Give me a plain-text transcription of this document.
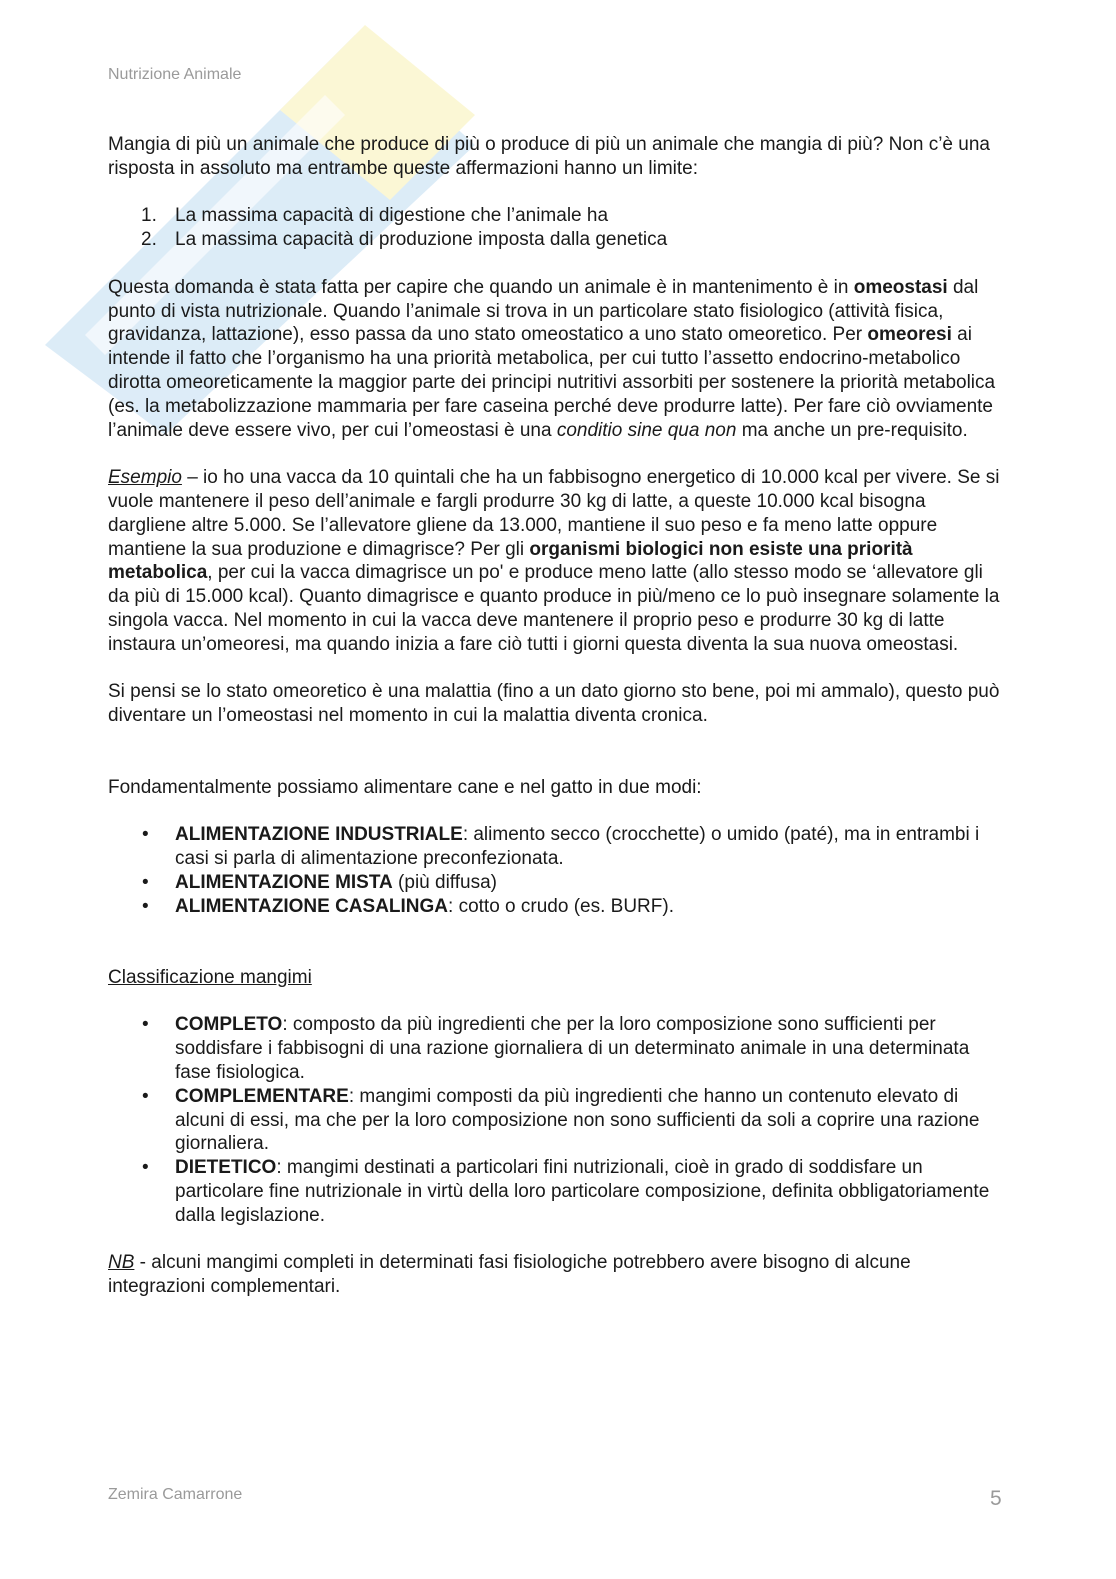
Nutrizione Animale

Mangia di più un animale che produce di più o produce di più un animale che mangia di più? Non c’è una risposta in assoluto ma entrambe queste affermazioni hanno un limite:

1. La massima capacità di digestione che l’animale ha
2. La massima capacità di produzione imposta dalla genetica

Questa domanda è stata fatta per capire che quando un animale è in mantenimento è in omeostasi dal punto di vista nutrizionale. Quando l’animale si trova in un particolare stato fisiologico (attività fisica, gravidanza, lattazione), esso passa da uno stato omeostatico a uno stato omeoretico. Per omeoresi ai intende il fatto che l’organismo ha una priorità metabolica, per cui tutto l’assetto endocrino-metabolico dirotta omeoreticamente la maggior parte dei principi nutritivi assorbiti per sostenere la priorità metabolica (es. la metabolizzazione mammaria per fare caseina perché deve produrre latte). Per fare ciò ovviamente l’animale deve essere vivo, per cui l’omeostasi è una conditio sine qua non ma anche un pre-requisito.

Esempio – io ho una vacca da 10 quintali che ha un fabbisogno energetico di 10.000 kcal per vivere. Se si vuole mantenere il peso dell’animale e fargli produrre 30 kg di latte, a queste 10.000 kcal bisogna dargliene altre 5.000. Se l’allevatore gliene da 13.000, mantiene il suo peso e fa meno latte oppure mantiene la sua produzione e dimagrisce? Per gli organismi biologici non esiste una priorità metabolica, per cui la vacca dimagrisce un po' e produce meno latte (allo stesso modo se ‘allevatore gli da più di 15.000 kcal). Quanto dimagrisce e quanto produce in più/meno ce lo può insegnare solamente la singola vacca. Nel momento in cui la vacca deve mantenere il proprio peso e produrre 30 kg di latte instaura un’omeoresi, ma quando inizia a fare ciò tutti i giorni questa diventa la sua nuova omeostasi.

Si pensi se lo stato omeoretico è una malattia (fino a un dato giorno sto bene, poi mi ammalo), questo può diventare un l’omeostasi nel momento in cui la malattia diventa cronica.

Fondamentalmente possiamo alimentare cane e nel gatto in due modi:

• ALIMENTAZIONE INDUSTRIALE: alimento secco (crocchette) o umido (paté), ma in entrambi i casi si parla di alimentazione preconfezionata.
• ALIMENTAZIONE MISTA (più diffusa)
• ALIMENTAZIONE CASALINGA: cotto o crudo (es. BURF).

Classificazione mangimi

• COMPLETO: composto da più ingredienti che per la loro composizione sono sufficienti per soddisfare i fabbisogni di una razione giornaliera di un determinato animale in una determinata fase fisiologica.
• COMPLEMENTARE: mangimi composti da più ingredienti che hanno un contenuto elevato di alcuni di essi, ma che per la loro composizione non sono sufficienti da soli a coprire una razione giornaliera.
• DIETETICO: mangimi destinati a particolari fini nutrizionali, cioè in grado di soddisfare un particolare fine nutrizionale in virtù della loro particolare composizione, definita obbligatoriamente dalla legislazione.

NB - alcuni mangimi completi in determinati fasi fisiologiche potrebbero avere bisogno di alcune integrazioni complementari.

Zemira Camarrone	5
